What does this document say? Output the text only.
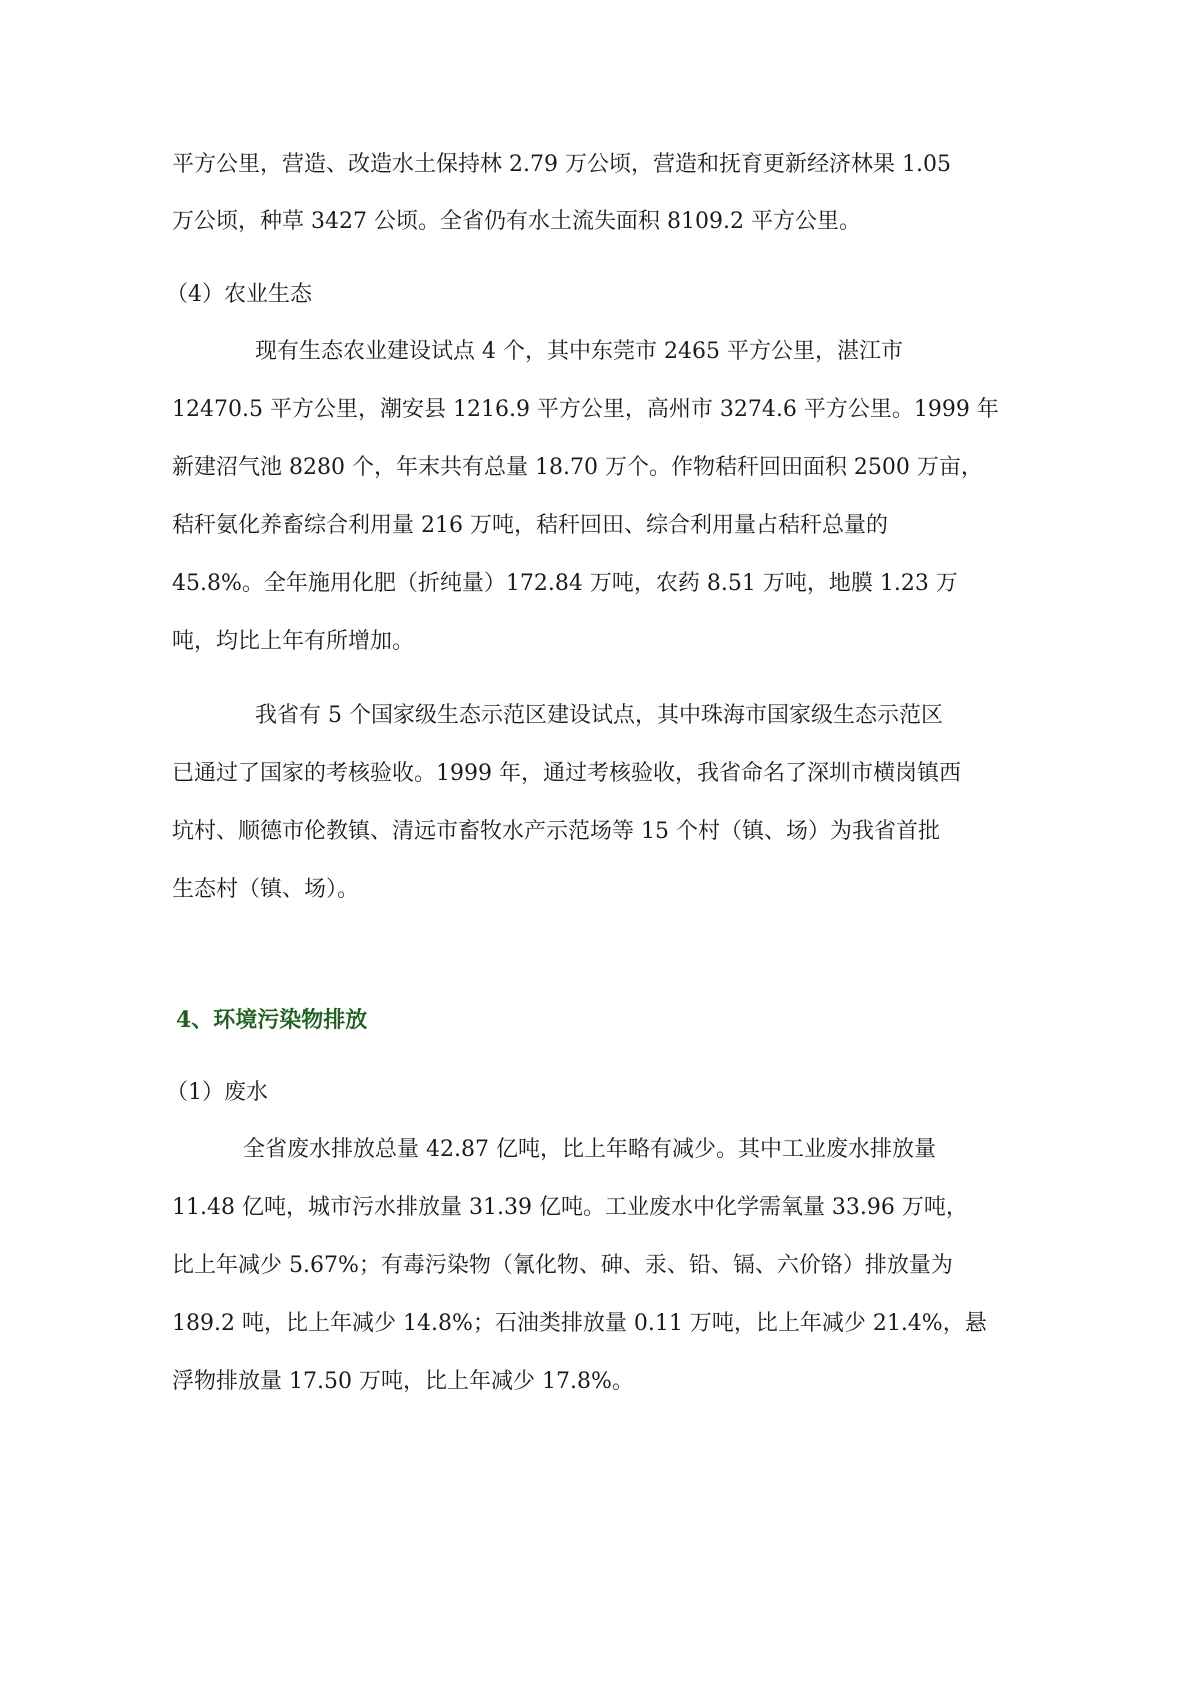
平方公里，营造、改造水土保持林 2.79 万公顷，营造和抚育更新经济林果 1.05

万公顷，种草 3427 公顷。全省仍有水土流失面积 8109.2 平方公里。

（4）农业生态

现有生态农业建设试点 4 个，其中东莞市 2465 平方公里，湛江市

12470.5 平方公里，潮安县 1216.9 平方公里，高州市 3274.6 平方公里。1999 年

新建沼气池 8280 个，年末共有总量 18.70 万个。作物秸秆回田面积 2500 万亩，

秸秆氨化养畜综合利用量 216 万吨，秸秆回田、综合利用量占秸秆总量的

45.8%。全年施用化肥（折纯量）172.84 万吨，农药 8.51 万吨，地膜 1.23 万

吨，均比上年有所增加。

我省有 5 个国家级生态示范区建设试点，其中珠海市国家级生态示范区

已通过了国家的考核验收。1999 年，通过考核验收，我省命名了深圳市横岗镇西

坑村、顺德市伦教镇、清远市畜牧水产示范场等 15 个村（镇、场）为我省首批

生态村（镇、场）。

4、环境污染物排放

（1）废水

全省废水排放总量 42.87 亿吨，比上年略有减少。其中工业废水排放量

11.48 亿吨，城市污水排放量 31.39 亿吨。工业废水中化学需氧量 33.96 万吨，

比上年减少 5.67%；有毒污染物（氰化物、砷、汞、铅、镉、六价铬）排放量为

189.2 吨，比上年减少 14.8%；石油类排放量 0.11 万吨，比上年减少 21.4%，悬

浮物排放量 17.50 万吨，比上年减少 17.8%。
